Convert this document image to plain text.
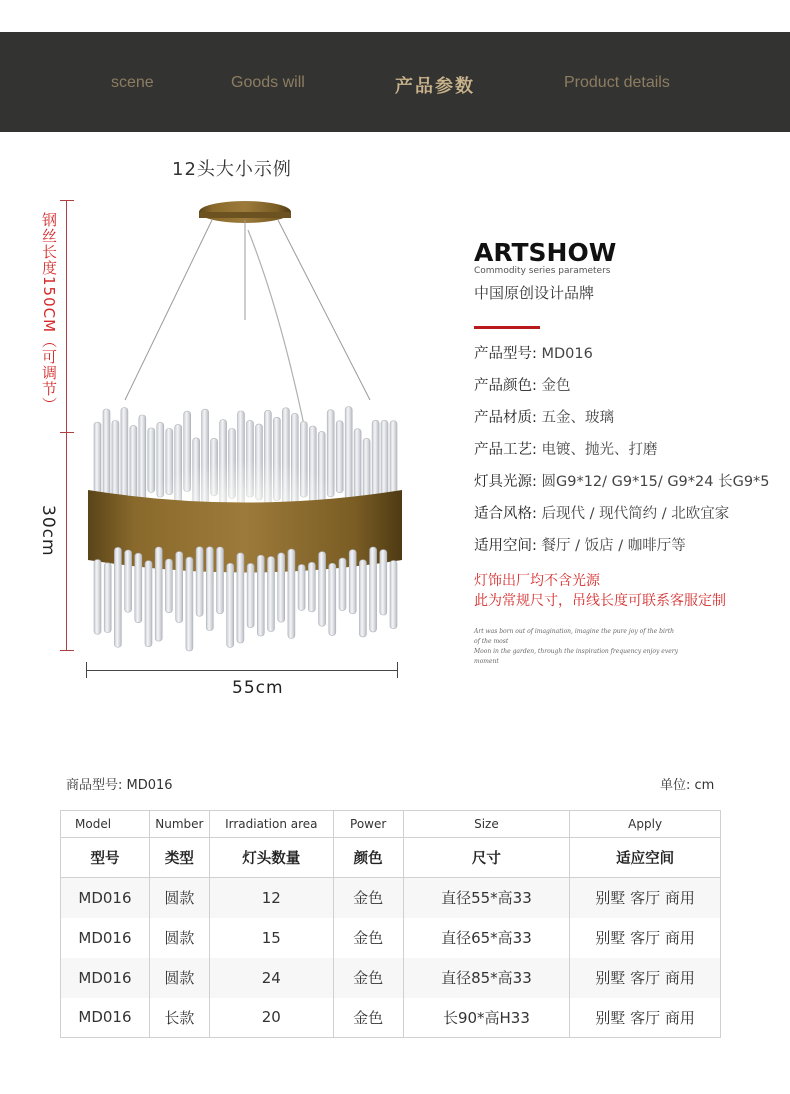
scene	Goods will	产品参数	Product details
12头大小示例
钢丝长度150CM（可调节）
30cm
55cm
ARTSHOW
Commodity series parameters
中国原创设计品牌
产品型号: MD016
产品颜色: 金色
产品材质: 五金、玻璃
产品工艺: 电镀、抛光、打磨
灯具光源: 圆G9*12/ G9*15/ G9*24 长G9*5
适合风格: 后现代 / 现代简约 / 北欧宜家
适用空间: 餐厅 / 饭店 / 咖啡厅等
灯饰出厂均不含光源
此为常规尺寸，吊线长度可联系客服定制
Art was born out of imagination, imagine the pure joy of the birth
of the most
Moon in the garden, through the inspiration frequency enjoy every
moment
商品型号: MD016	单位: cm
Model	Number	Irradiation area	Power	Size	Apply
型号	类型	灯头数量	颜色	尺寸	适应空间
MD016	圆款	12	金色	直径55*高33	别墅 客厅 商用
MD016	圆款	15	金色	直径65*高33	别墅 客厅 商用
MD016	圆款	24	金色	直径85*高33	别墅 客厅 商用
MD016	长款	20	金色	长90*高H33	别墅 客厅 商用
